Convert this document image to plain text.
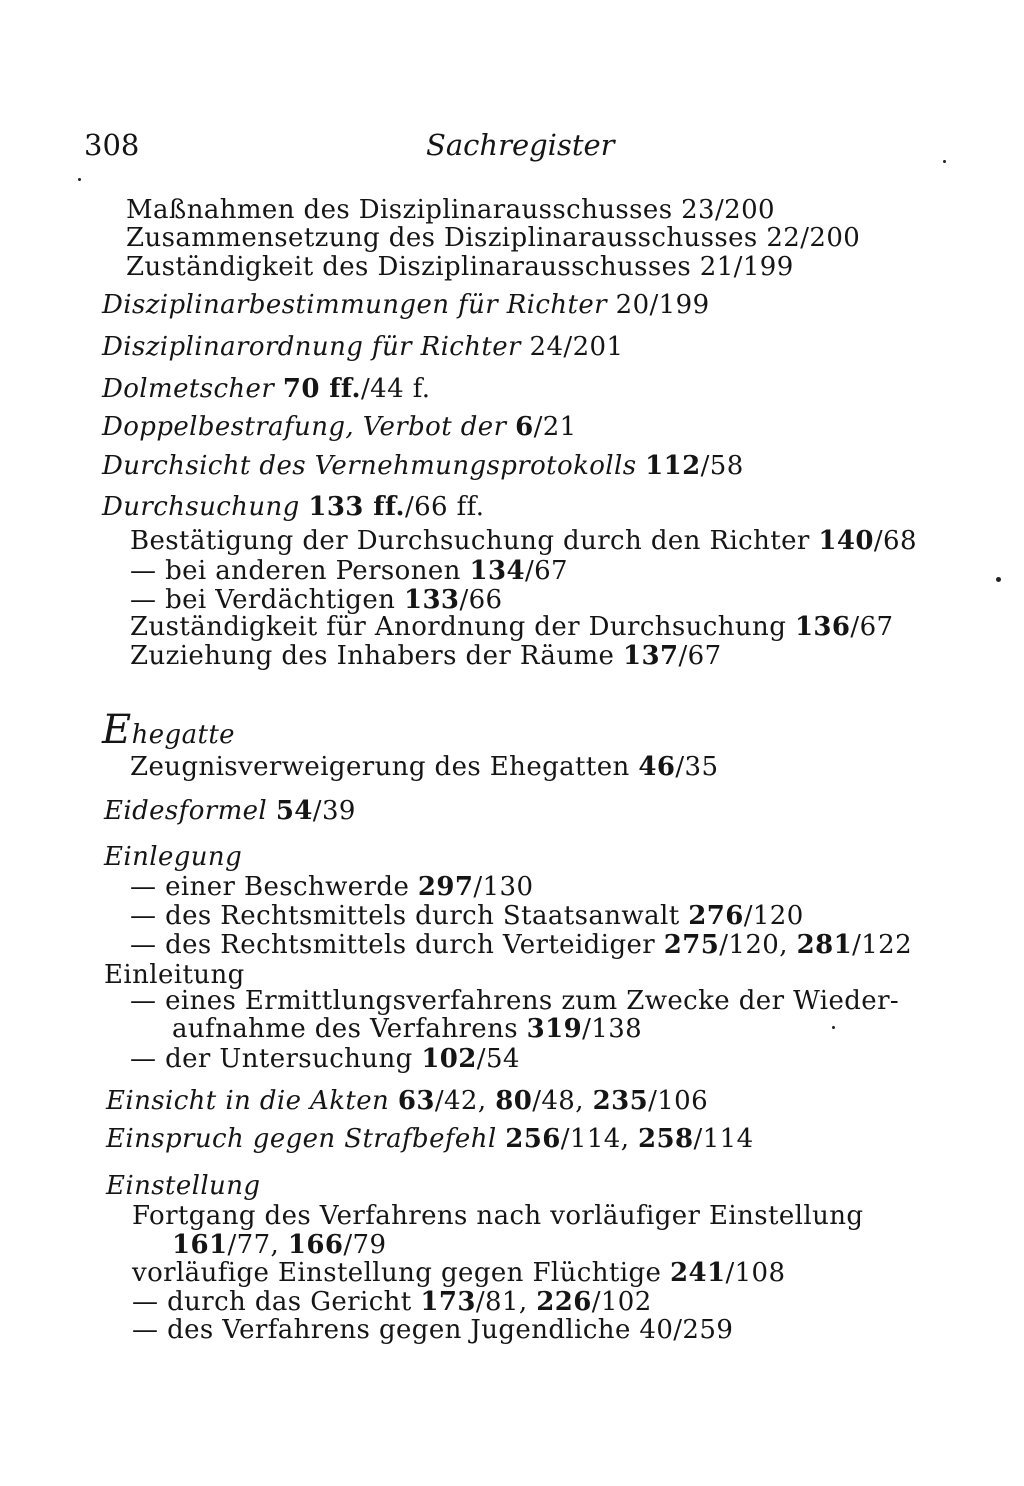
308	Sachregister
Maßnahmen des Disziplinarausschusses 23/200
Zusammensetzung des Disziplinarausschusses 22/200
Zuständigkeit des Disziplinarausschusses 21/199
Disziplinarbestimmungen für Richter 20/199
Disziplinarordnung für Richter 24/201
Dolmetscher 70 ff./44 f.
Doppelbestrafung, Verbot der 6/21
Durchsicht des Vernehmungsprotokolls 112/58
Durchsuchung 133 ff./66 ff.
Bestätigung der Durchsuchung durch den Richter 140/68
— bei anderen Personen 134/67
— bei Verdächtigen 133/66
Zuständigkeit für Anordnung der Durchsuchung 136/67
Zuziehung des Inhabers der Räume 137/67
Ehegatte
Zeugnisverweigerung des Ehegatten 46/35
Eidesformel 54/39
Einlegung
— einer Beschwerde 297/130
— des Rechtsmittels durch Staatsanwalt 276/120
— des Rechtsmittels durch Verteidiger 275/120, 281/122
Einleitung
— eines Ermittlungsverfahrens zum Zwecke der Wieder-
aufnahme des Verfahrens 319/138
— der Untersuchung 102/54
Einsicht in die Akten 63/42, 80/48, 235/106
Einspruch gegen Strafbefehl 256/114, 258/114
Einstellung
Fortgang des Verfahrens nach vorläufiger Einstellung
161/77, 166/79
vorläufige Einstellung gegen Flüchtige 241/108
— durch das Gericht 173/81, 226/102
— des Verfahrens gegen Jugendliche 40/259
